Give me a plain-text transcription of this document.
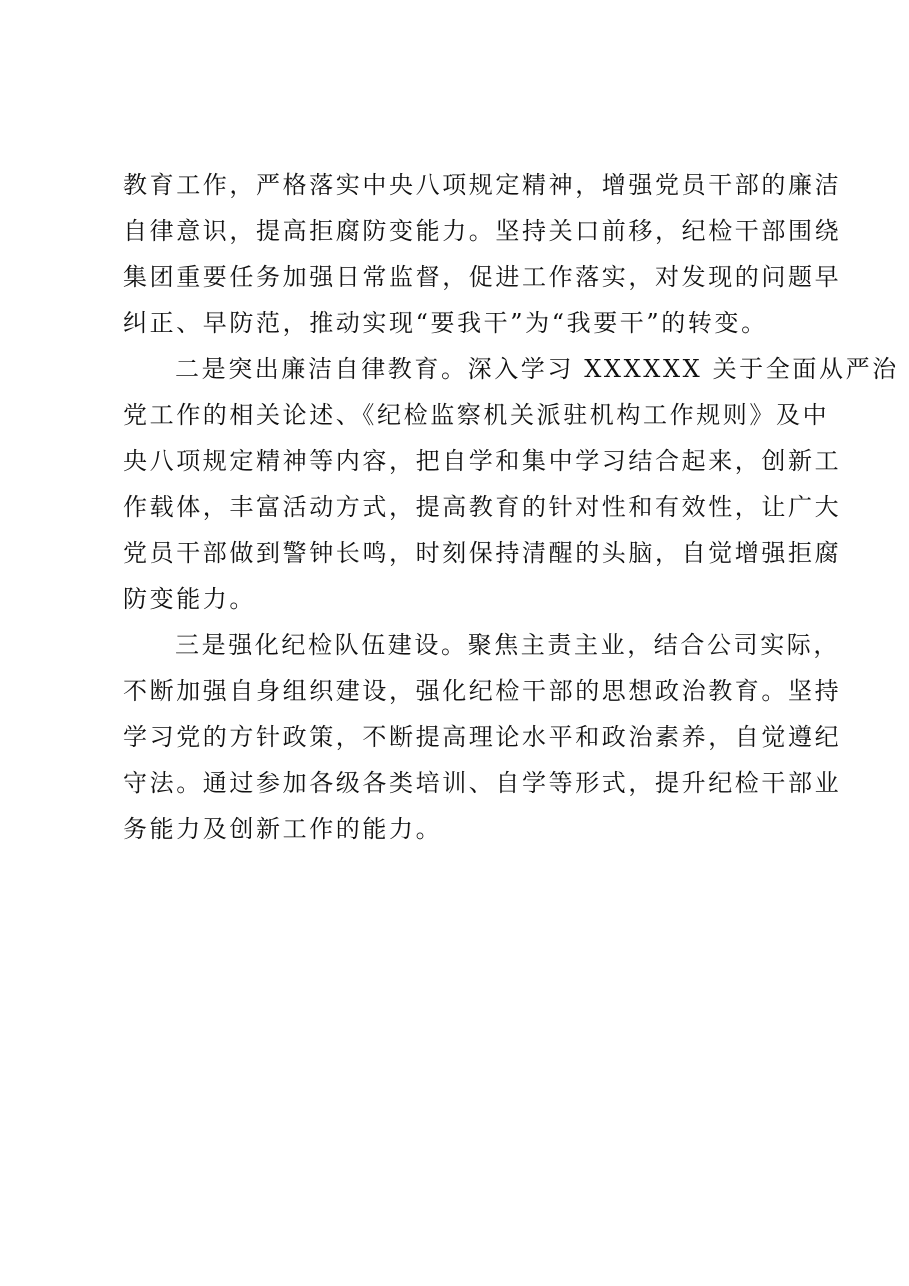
教育工作，严格落实中央八项规定精神，增强党员干部的廉洁
自律意识，提高拒腐防变能力。坚持关口前移，纪检干部围绕
集团重要任务加强日常监督，促进工作落实，对发现的问题早
纠正、早防范，推动实现“要我干”为“我要干”的转变。
二是突出廉洁自律教育。深入学习 XXXXXX 关于全面从严治
党工作的相关论述、《纪检监察机关派驻机构工作规则》及中
央八项规定精神等内容，把自学和集中学习结合起来，创新工
作载体，丰富活动方式，提高教育的针对性和有效性，让广大
党员干部做到警钟长鸣，时刻保持清醒的头脑，自觉增强拒腐
防变能力。
三是强化纪检队伍建设。聚焦主责主业，结合公司实际，
不断加强自身组织建设，强化纪检干部的思想政治教育。坚持
学习党的方针政策，不断提高理论水平和政治素养，自觉遵纪
守法。通过参加各级各类培训、自学等形式，提升纪检干部业
务能力及创新工作的能力。
